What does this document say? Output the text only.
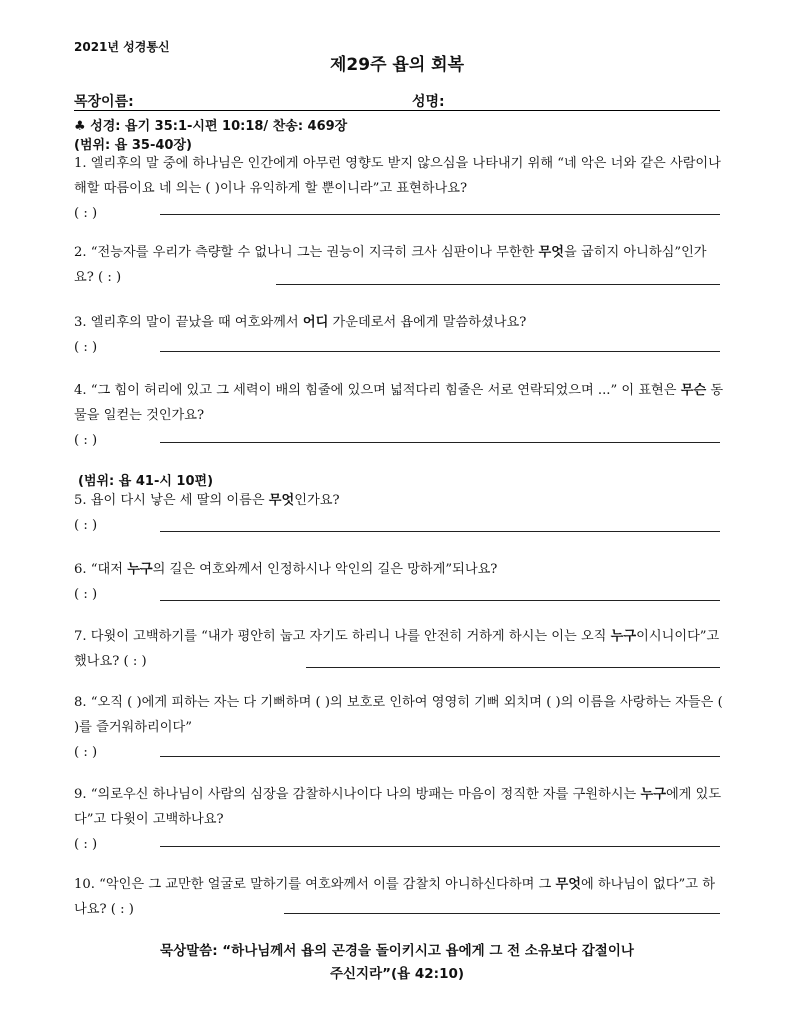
2021년 성경통신
제29주 욥의 회복
목장이름:	성명:
♣ 성경: 욥기 35:1-시편 10:18/ 찬송: 469장
(범위: 욥 35-40장)
1. 엘리후의 말 중에 하나님은 인간에게 아무런 영향도 받지 않으심을 나타내기 위해 “네 악은 너와 같은 사람이나 해할 따름이요 네 의는 ( )이나 유익하게 할 뿐이니라”고 표현하나요?
( : )
2. “전능자를 우리가 측량할 수 없나니 그는 권능이 지극히 크사 심판이나 무한한 무엇을 굽히지 아니하심”인가요? ( : )
3. 엘리후의 말이 끝났을 때 여호와께서 어디 가운데로서 욥에게 말씀하셨나요?
( : )
4. “그 힘이 허리에 있고 그 세력이 배의 힘줄에 있으며 넓적다리 힘줄은 서로 연락되었으며 ...” 이 표현은 무슨 동물을 일컫는 것인가요?
( : )
(범위: 욥 41-시 10편)
5. 욥이 다시 낳은 세 딸의 이름은 무엇인가요?
( : )
6. “대저 누구의 길은 여호와께서 인정하시나 악인의 길은 망하게”되나요?
( : )
7. 다윗이 고백하기를 “내가 평안히 눕고 자기도 하리니 나를 안전히 거하게 하시는 이는 오직 누구이시니이다”고 했나요? ( : )
8. “오직 ( )에게 피하는 자는 다 기뻐하며 ( )의 보호로 인하여 영영히 기뻐 외치며 ( )의 이름을 사랑하는 자들은 ( )를 즐거워하리이다”
( : )
9. “의로우신 하나님이 사람의 심장을 감찰하시나이다 나의 방패는 마음이 정직한 자를 구원하시는 누구에게 있도다”고 다윗이 고백하나요?
( : )
10. “악인은 그 교만한 얼굴로 말하기를 여호와께서 이를 감찰치 아니하신다하며 그 무엇에 하나님이 없다”고 하나요? ( : )
묵상말씀: “하나님께서 욥의 곤경을 돌이키시고 욥에게 그 전 소유보다 갑절이나
주신지라”(욥 42:10)
